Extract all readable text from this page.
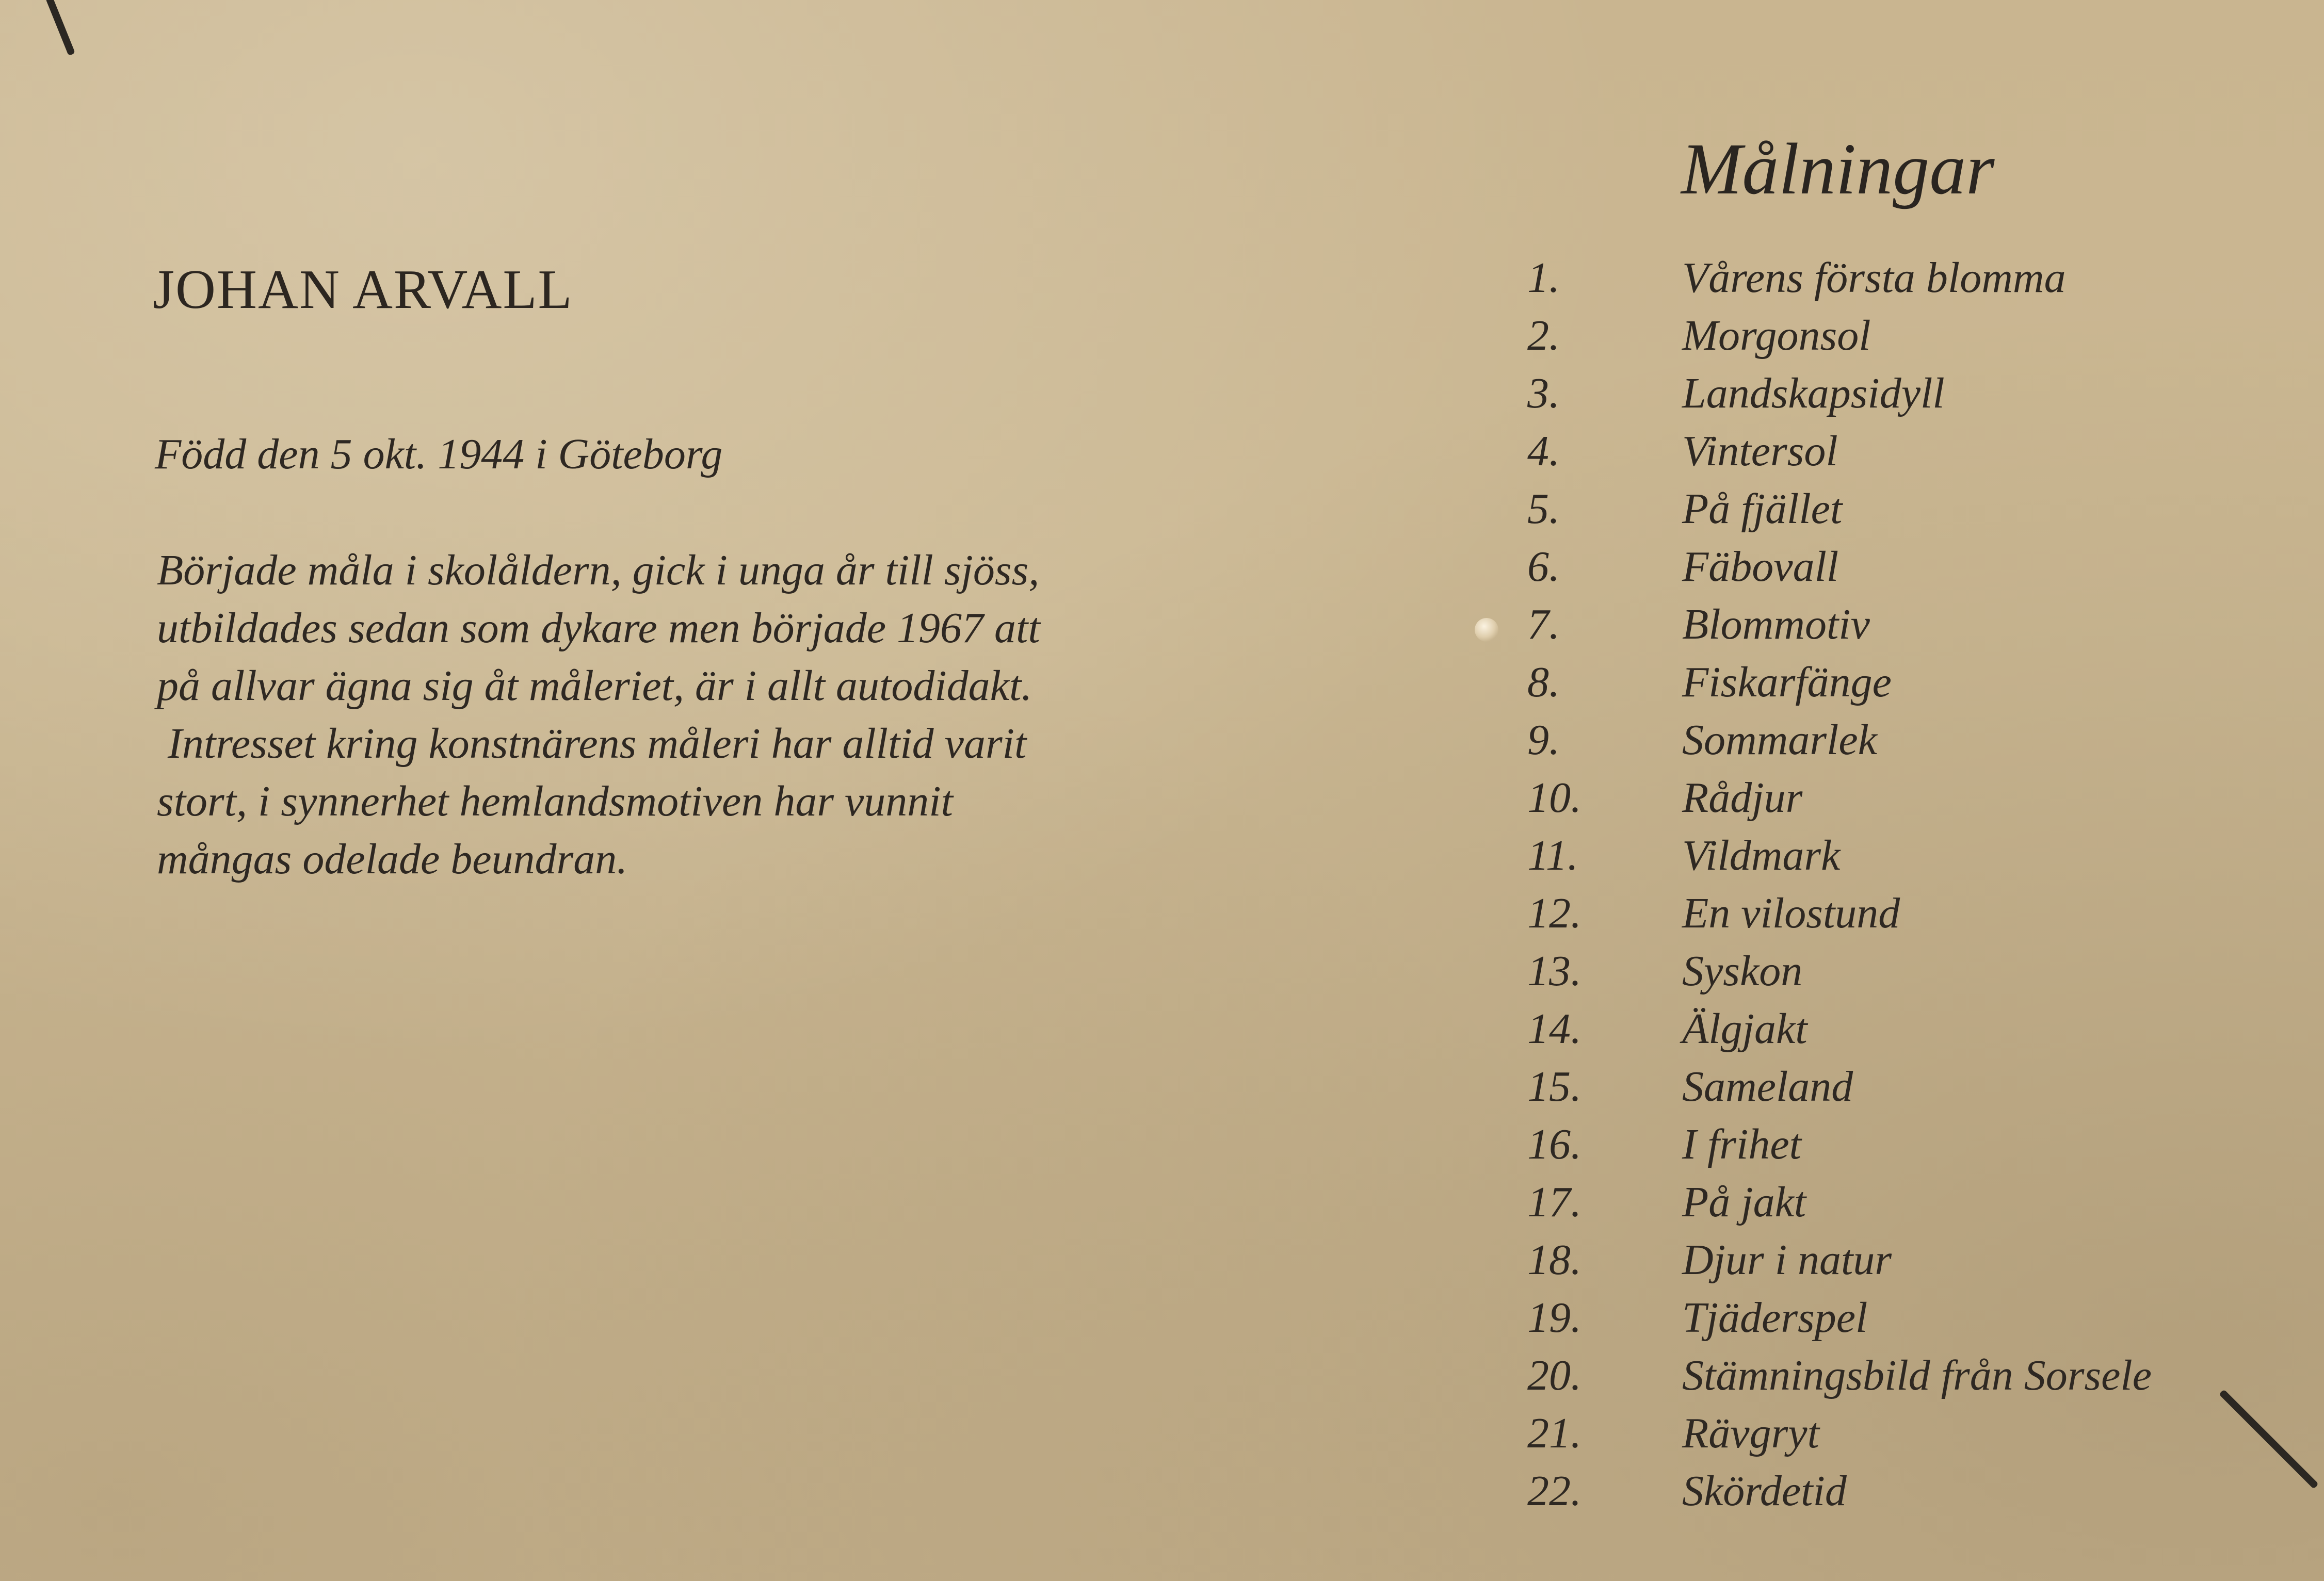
JOHAN ARVALL

Född den 5 okt. 1944 i Göteborg

Började måla i skolåldern, gick i unga år till sjöss,
utbildades sedan som dykare men började 1967 att
på allvar ägna sig åt måleriet, är i allt autodidakt.
Intresset kring konstnärens måleri har alltid varit
stort, i synnerhet hemlandsmotiven har vunnit
mångas odelade beundran.

Målningar
1.	Vårens första blomma
2.	Morgonsol
3.	Landskapsidyll
4.	Vintersol
5.	På fjället
6.	Fäbovall
7.	Blommotiv
8.	Fiskarfänge
9.	Sommarlek
10.	Rådjur
11.	Vildmark
12.	En vilostund
13.	Syskon
14.	Älgjakt
15.	Sameland
16.	I frihet
17.	På jakt
18.	Djur i natur
19.	Tjäderspel
20.	Stämningsbild från Sorsele
21.	Rävgryt
22.	Skördetid
